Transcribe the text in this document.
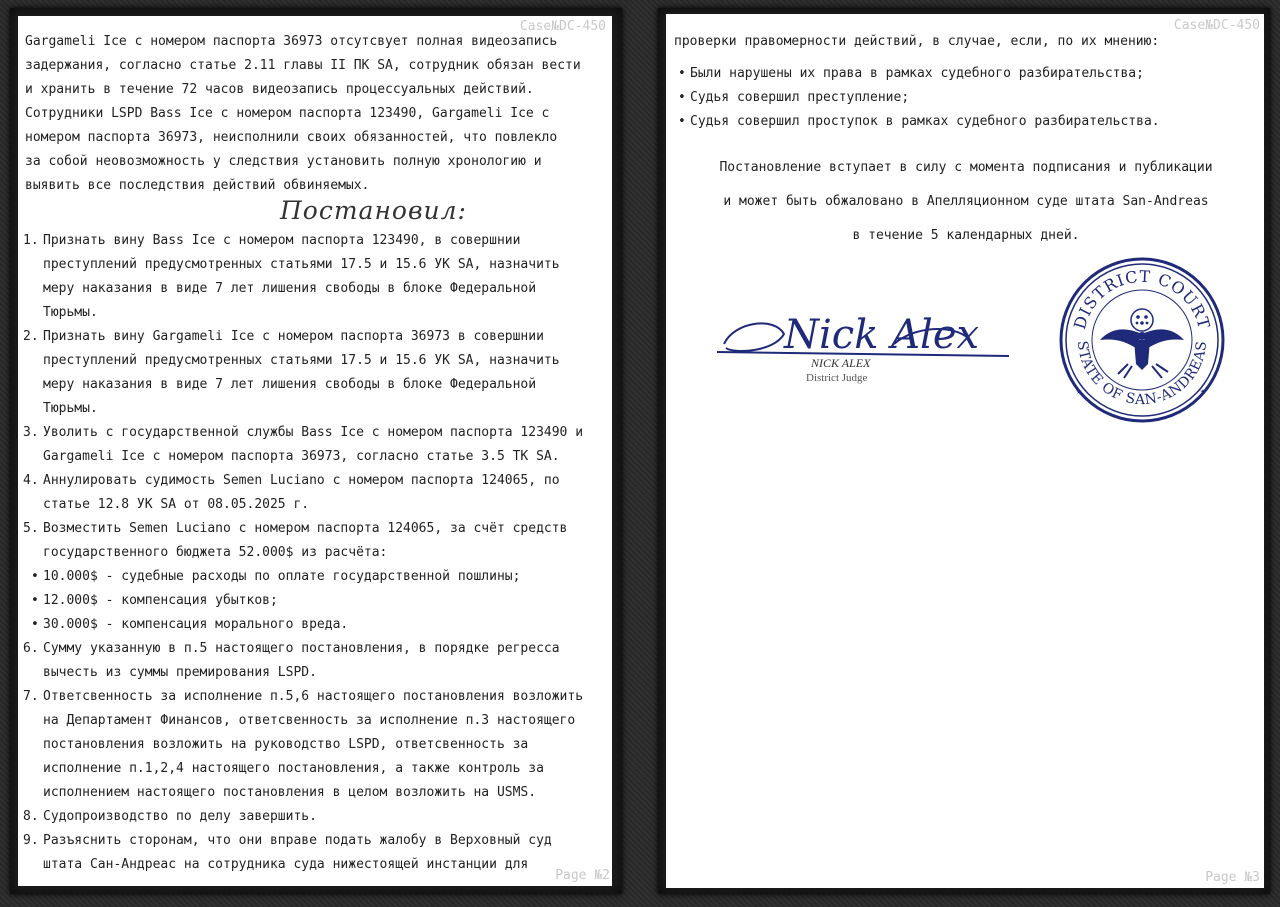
Case№DC-450
Gargameli Ice с номером паспорта 36973 отсутсвует полная видеозапись
задержания, согласно статье 2.11 главы II ПК SA, сотрудник обязан вести
и хранить в течение 72 часов видеозапись процессуальных действий.
Сотрудники LSPD Bass Ice с номером паспорта 123490, Gargameli Ice с
номером паспорта 36973, неисполнили своих обязанностей, что повлекло
за собой неовозможность у следствия установить полную хронологию и
выявить все последствия действий обвиняемых.
Постановил:
1. Признать вину Bass Ice с номером паспорта 123490, в совершнии
преступлений предусмотренных статьями 17.5 и 15.6 УК SA, назначить
меру наказания в виде 7 лет лишения свободы в блоке Федеральной
Тюрьмы.
2. Признать вину Gargameli Ice с номером паспорта 36973 в совершнии
преступлений предусмотренных статьями 17.5 и 15.6 УК SA, назначить
меру наказания в виде 7 лет лишения свободы в блоке Федеральной
Тюрьмы.
3. Уволить с государственной службы Bass Ice с номером паспорта 123490 и
Gargameli Ice с номером паспорта 36973, согласно статье 3.5 ТК SA.
4. Аннулировать судимость Semen Luciano с номером паспорта 124065, по
статье 12.8 УК SA от 08.05.2025 г.
5. Возместить Semen Luciano с номером паспорта 124065, за счёт средств
государственного бюджета 52.000$ из расчёта:
• 10.000$ - судебные расходы по оплате государственной пошлины;
• 12.000$ - компенсация убытков;
• 30.000$ - компенсация морального вреда.
6. Сумму указанную в п.5 настоящего постановления, в порядке регресса
вычесть из суммы премирования LSPD.
7. Ответсвенность за исполнение п.5,6 настоящего постановления возложить
на Департамент Финансов, ответсвенность за исполнение п.3 настоящего
постановления возложить на руководство LSPD, ответсвенность за
исполнение п.1,2,4 настоящего постановления, а также контроль за
исполнением настоящего постановления в целом возложить на USMS.
8. Судопроизводство по делу завершить.
9. Разъяснить сторонам, что они вправе подать жалобу в Верховный суд
штата Сан-Андреас на сотрудника суда нижестоящей инстанции для
Page №2
Case№DC-450
проверки правомерности действий, в случае, если, по их мнению:
• Были нарушены их права в рамках судебного разбирательства;
• Судья совершил преступление;
• Судья совершил проступок в рамках судебного разбирательства.
Постановление вступает в силу с момента подписания и публикации
и может быть обжаловано в Апелляционном суде штата San-Andreas
в течение 5 календарных дней.
Nick Alex
NICK ALEX
District Judge
DISTRICT COURT
STATE OF SAN-ANDREAS
★	★
Page №3
